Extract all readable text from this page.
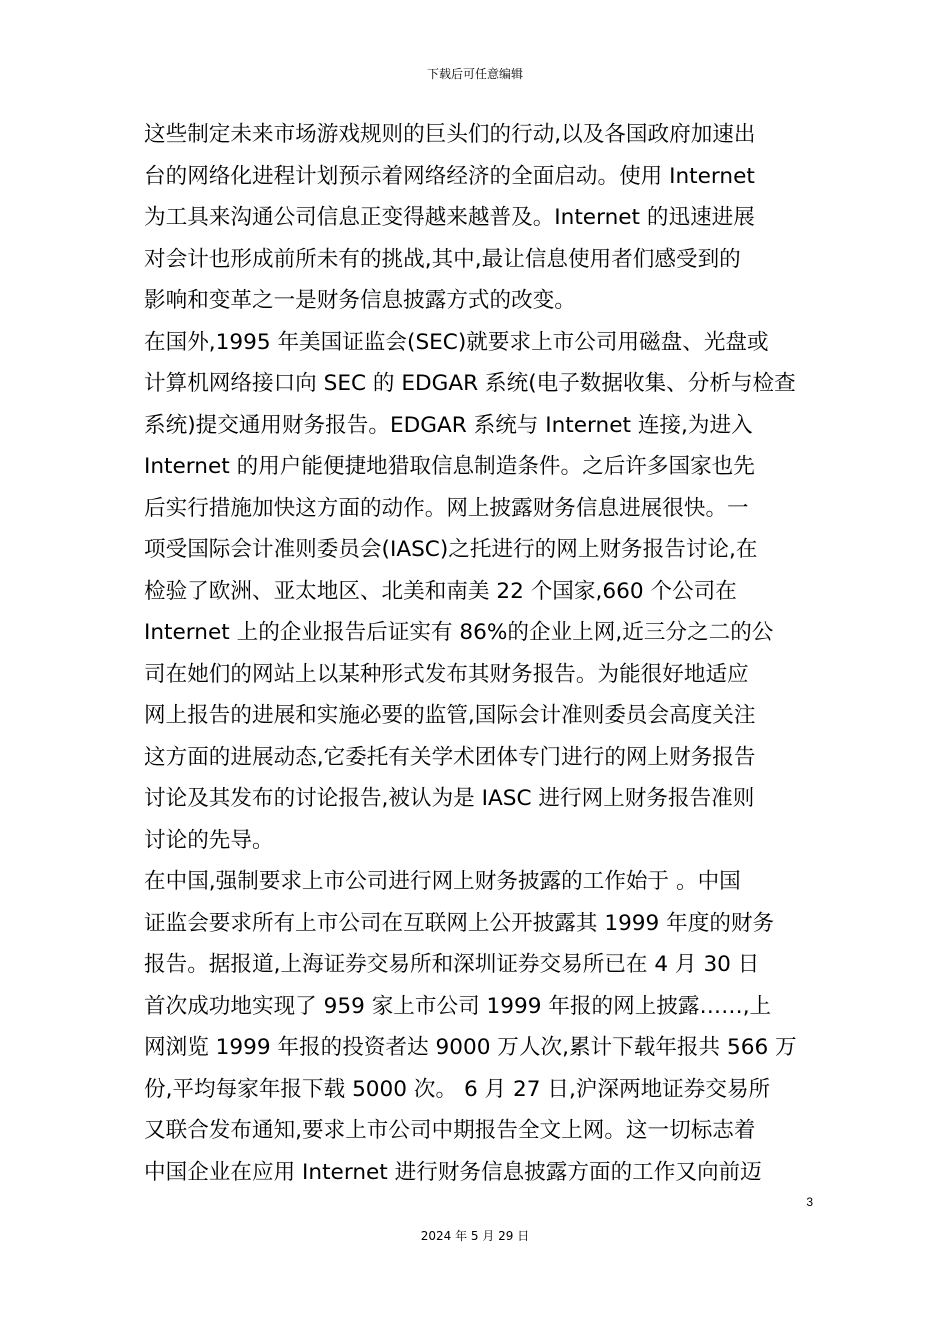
下载后可任意编辑

这些制定未来市场游戏规则的巨头们的行动,以及各国政府加速出

台的网络化进程计划预示着网络经济的全面启动。使用 Internet

为工具来沟通公司信息正变得越来越普及。Internet 的迅速进展

对会计也形成前所未有的挑战,其中,最让信息使用者们感受到的

影响和变革之一是财务信息披露方式的改变。

在国外,1995 年美国证监会(SEC)就要求上市公司用磁盘、光盘或

计算机网络接口向 SEC 的 EDGAR 系统(电子数据收集、分析与检查

系统)提交通用财务报告。EDGAR 系统与 Internet 连接,为进入

Internet 的用户能便捷地猎取信息制造条件。之后许多国家也先

后实行措施加快这方面的动作。网上披露财务信息进展很快。一

项受国际会计准则委员会(IASC)之托进行的网上财务报告讨论,在

检验了欧洲、亚太地区、北美和南美 22 个国家,660 个公司在

Internet 上的企业报告后证实有 86%的企业上网,近三分之二的公

司在她们的网站上以某种形式发布其财务报告。为能很好地适应

网上报告的进展和实施必要的监管,国际会计准则委员会高度关注

这方面的进展动态,它委托有关学术团体专门进行的网上财务报告

讨论及其发布的讨论报告,被认为是 IASC 进行网上财务报告准则

讨论的先导。

在中国,强制要求上市公司进行网上财务披露的工作始于 。中国

证监会要求所有上市公司在互联网上公开披露其 1999 年度的财务

报告。据报道,上海证券交易所和深圳证券交易所已在 4 月 30 日

首次成功地实现了 959 家上市公司 1999 年报的网上披露……,上

网浏览 1999 年报的投资者达 9000 万人次,累计下载年报共 566 万

份,平均每家年报下载 5000 次。 6 月 27 日,沪深两地证券交易所

又联合发布通知,要求上市公司中期报告全文上网。这一切标志着

中国企业在应用 Internet 进行财务信息披露方面的工作又向前迈

3
2024 年 5 月 29 日
